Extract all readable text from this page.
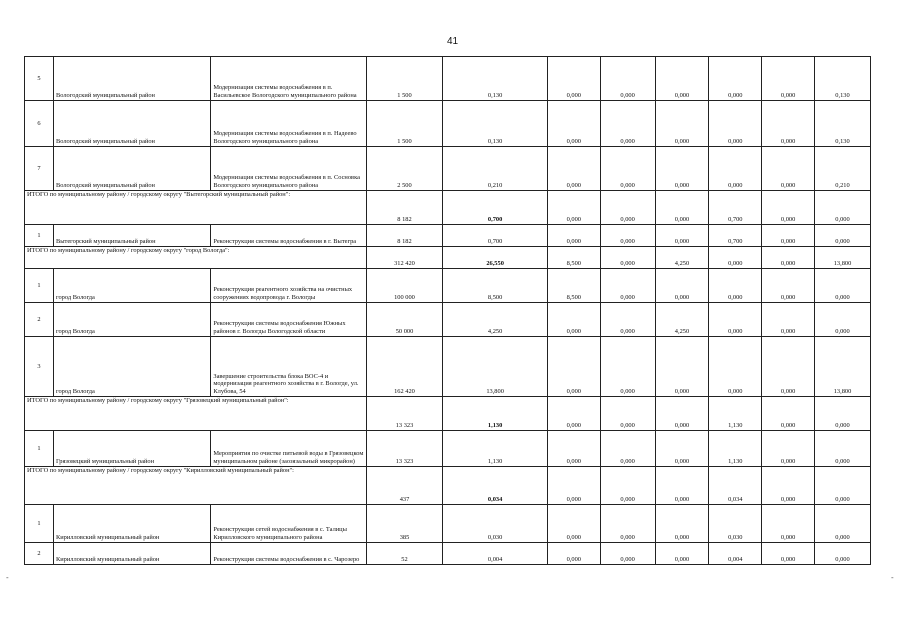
41
5	Вологодский муниципальный район	Модернизация системы водоснабжения в п. Васильевское Вологодского муниципального района	1 500	0,130	0,000	0,000	0,000	0,000	0,000	0,130
6	Вологодский муниципальный район	Модернизация системы водоснабжения в п. Надеево Вологодского муниципального района	1 500	0,130	0,000	0,000	0,000	0,000	0,000	0,130
7	Вологодский муниципальный район	Модернизация системы водоснабжения в п. Сосновка Вологодского муниципального района	2 500	0,210	0,000	0,000	0,000	0,000	0,000	0,210
ИТОГО по муниципальному району / городскому округу "Вытегорский муниципальный район":			8 182	0,700	0,000	0,000	0,000	0,700	0,000	0,000
1	Вытегорский муниципальный район	Реконструкция системы водоснабжения в г. Вытегра	8 182	0,700	0,000	0,000	0,000	0,700	0,000	0,000
ИТОГО по муниципальному району / городскому округу "город Вологда":			312 420	26,550	8,500	0,000	4,250	0,000	0,000	13,800
1	город Вологда	Реконструкция реагентного хозяйства на очистных сооружениях водопровода г. Вологды	100 000	8,500	8,500	0,000	0,000	0,000	0,000	0,000
2	город Вологда	Реконструкция системы водоснабжения Южных районов г. Вологды Вологодской области	50 000	4,250	0,000	0,000	4,250	0,000	0,000	0,000
3	город Вологда	Завершение строительства блока ВОС-4 и модернизация реагентного хозяйства в г. Вологде, ул. Клубова, 54	162 420	13,800	0,000	0,000	0,000	0,000	0,000	13,800
ИТОГО по муниципальному району / городскому округу "Грязовецкий муниципальный район":			13 323	1,130	0,000	0,000	0,000	1,130	0,000	0,000
1	Грязовецкий муниципальный район	Мероприятия по очистке питьевой воды в Грязовецком муниципальном районе (заозязальный микрорайон)	13 323	1,130	0,000	0,000	0,000	1,130	0,000	0,000
ИТОГО по муниципальному району / городскому округу "Кирилловский муниципальный район":			437	0,034	0,000	0,000	0,000	0,034	0,000	0,000
1	Кирилловский муниципальный район	Реконструкция сетей водоснабжения в с. Талицы Кирилловского муниципального района	385	0,030	0,000	0,000	0,000	0,030	0,000	0,000
2	Кирилловский муниципальный район	Реконструкция системы водоснабжения в с. Чарозеро	52	0,004	0,000	0,000	0,000	0,004	0,000	0,000
-	-
